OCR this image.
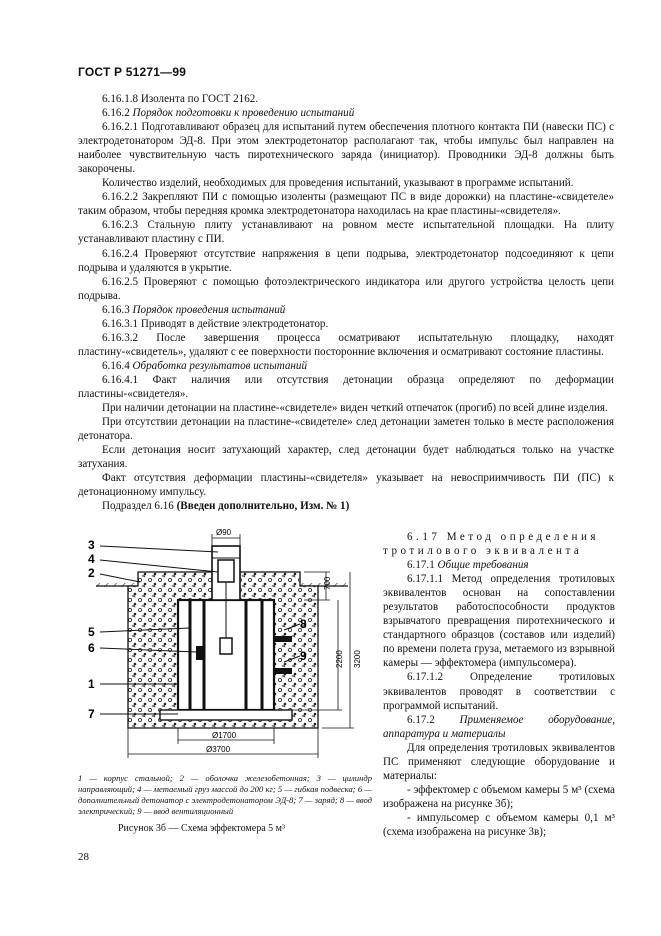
ГОСТ Р 51271—99

6.16.1.8 Изолента по ГОСТ 2162.

6.16.2 Порядок подготовки к проведению испытаний

6.16.2.1 Подготавливают образец для испытаний путем обеспечения плотного контакта ПИ (навески ПС) с электродетонатором ЭД-8. При этом электродетонатор располагают так, чтобы импульс был направлен на наиболее чувствительную часть пиротехнического заряда (инициатор). Проводники ЭД-8 должны быть закорочены.

Количество изделий, необходимых для проведения испытаний, указывают в программе испытаний.

6.16.2.2 Закрепляют ПИ с помощью изоленты (размещают ПС в виде дорожки) на пластине-«свидетеле» таким образом, чтобы передняя кромка электродетонатора находилась на крае пластины-«свидетеля».

6.16.2.3 Стальную плиту устанавливают на ровном месте испытательной площадки. На плиту устанавливают пластину с ПИ.

6.16.2.4 Проверяют отсутствие напряжения в цепи подрыва, электродетонатор подсоединяют к цепи подрыва и удаляются в укрытие.

6.16.2.5 Проверяют с помощью фотоэлектрического индикатора или другого устройства целость цепи подрыва.

6.16.3 Порядок проведения испытаний

6.16.3.1 Приводят в действие электродетонатор.

6.16.3.2 После завершения процесса осматривают испытательную площадку, находят пластину-«свидетель», удаляют с ее поверхности посторонние включения и осматривают состояние пластины.

6.16.4 Обработка результатов испытаний

6.16.4.1 Факт наличия или отсутствия детонации образца определяют по деформации пластины-«свидетеля».

При наличии детонации на пластине-«свидетеле» виден четкий отпечаток (прогиб) по всей длине изделия.

При отсутствии детонации на пластине-«свидетеле» след детонации заметен только в месте расположения детонатора.

Если детонация носит затухающий характер, след детонации будет наблюдаться только на участке затухания.

Факт отсутствия деформации пластины-«свидетеля» указывает на невосприимчивость ПИ (ПС) к детонационному импульсу.

Подраздел 6.16 (Введен дополнительно, Изм. № 1)

3
4
2
5
6
1
7
8
9
Ø90
700
2200 3200
Ø1700
Ø3700
1 — корпус стальной; 2 — оболочка железобетонная; 3 — цилиндр направляющий; 4 — метаемый груз массой до 200 кг; 5 — гибкая подвеска; 6 — дополнительный детонатор с электродетонатором ЭД-8; 7 — заряд; 8 — ввод электрический; 9 — ввод вентиляционный
Рисунок 3б — Схема эффектомера 5 м³

6.17 Метод определения

тротилового эквивалента

6.17.1 Общие требования

6.17.1.1 Метод определения тротиловых эквивалентов основан на сопоставлении результатов работоспособности продуктов взрывчатого превращения пиротехнического и стандартного образцов (составов или изделий) по времени полета груза, метаемого из взрывной камеры — эффектомера (импульсомера).

6.17.1.2 Определение тротиловых эквивалентов проводят в соответствии с программой испытаний.

6.17.2 Применяемое оборудование, аппаратура и материалы

Для определения тротиловых эквивалентов ПС применяют следующие оборудование и материалы:

- эффектомер с объемом камеры 5 м³ (схема изображена на рисунке 3б);

- импульсомер с объемом камеры 0,1 м³ (схема изображена на рисунке 3в);

28
